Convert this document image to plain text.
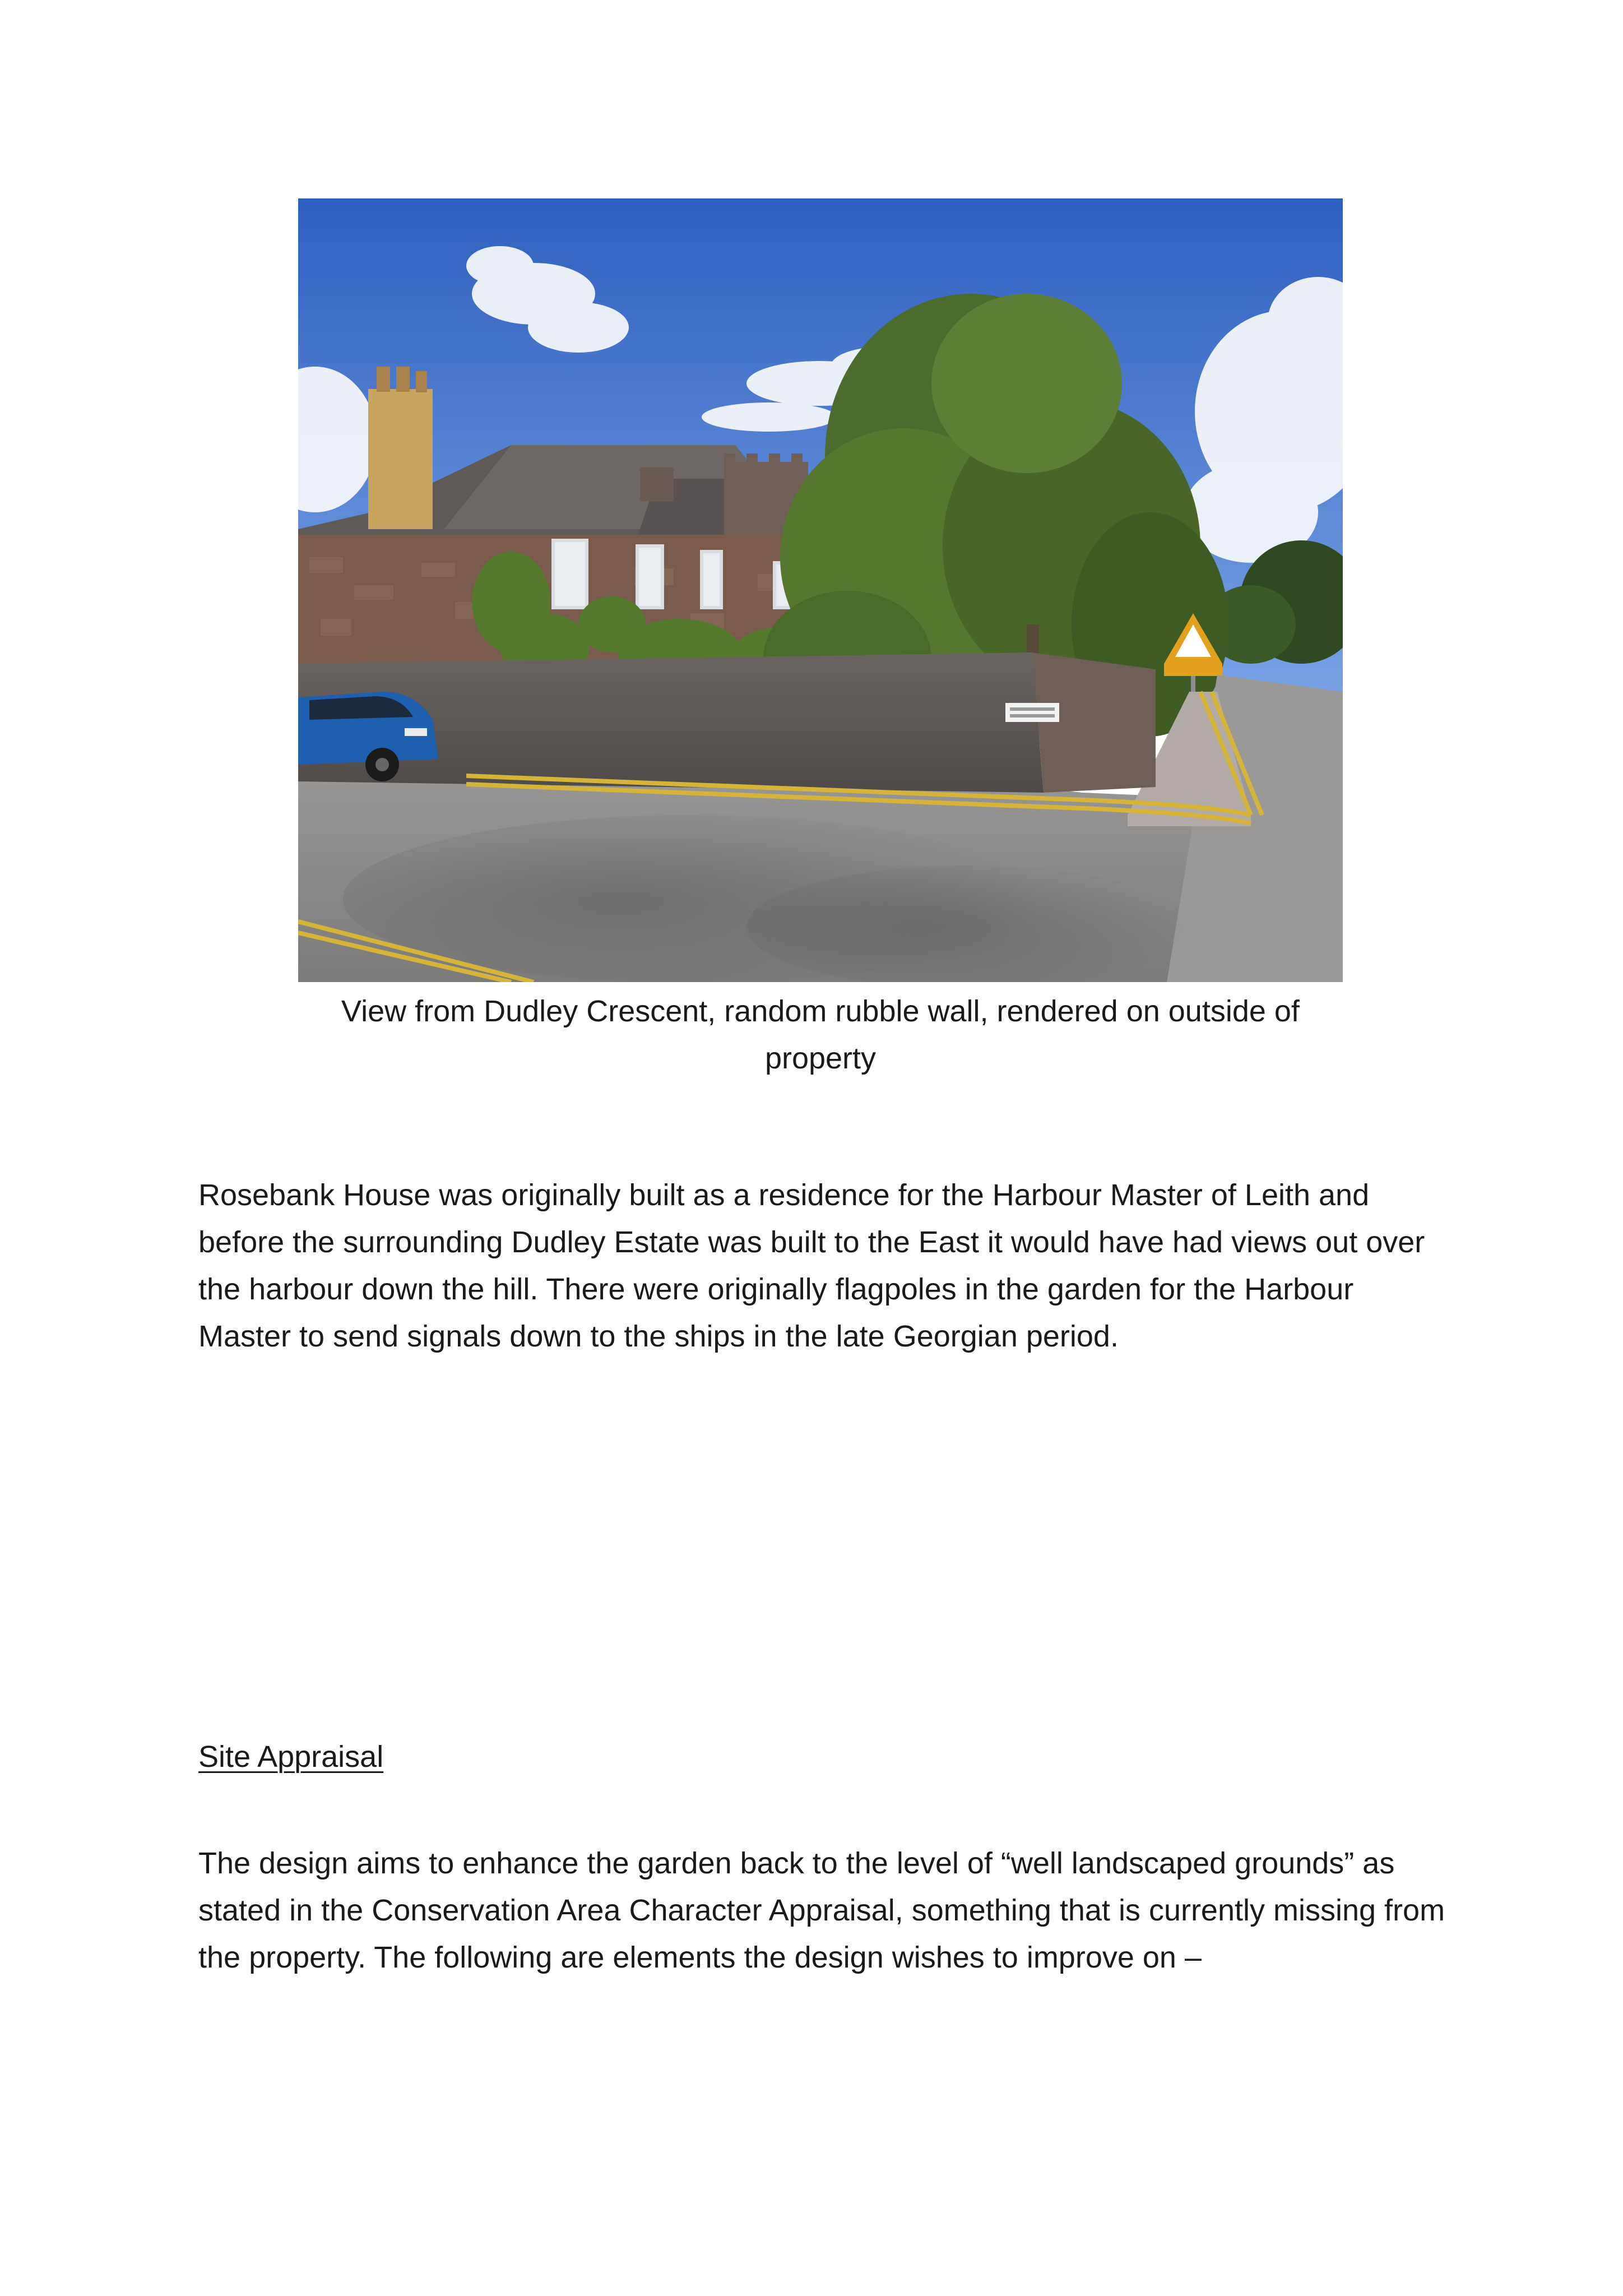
View from Dudley Crescent, random rubble wall, rendered on outside of property

Rosebank House was originally built as a residence for the Harbour Master of Leith and before the surrounding Dudley Estate was built to the East it would have had views out over the harbour down the hill. There were originally flagpoles in the garden for the Harbour Master to send signals down to the ships in the late Georgian period.

Site Appraisal

The design aims to enhance the garden back to the level of “well landscaped grounds” as stated in the Conservation Area Character Appraisal, something that is currently missing from the property. The following are elements the design wishes to improve on –
